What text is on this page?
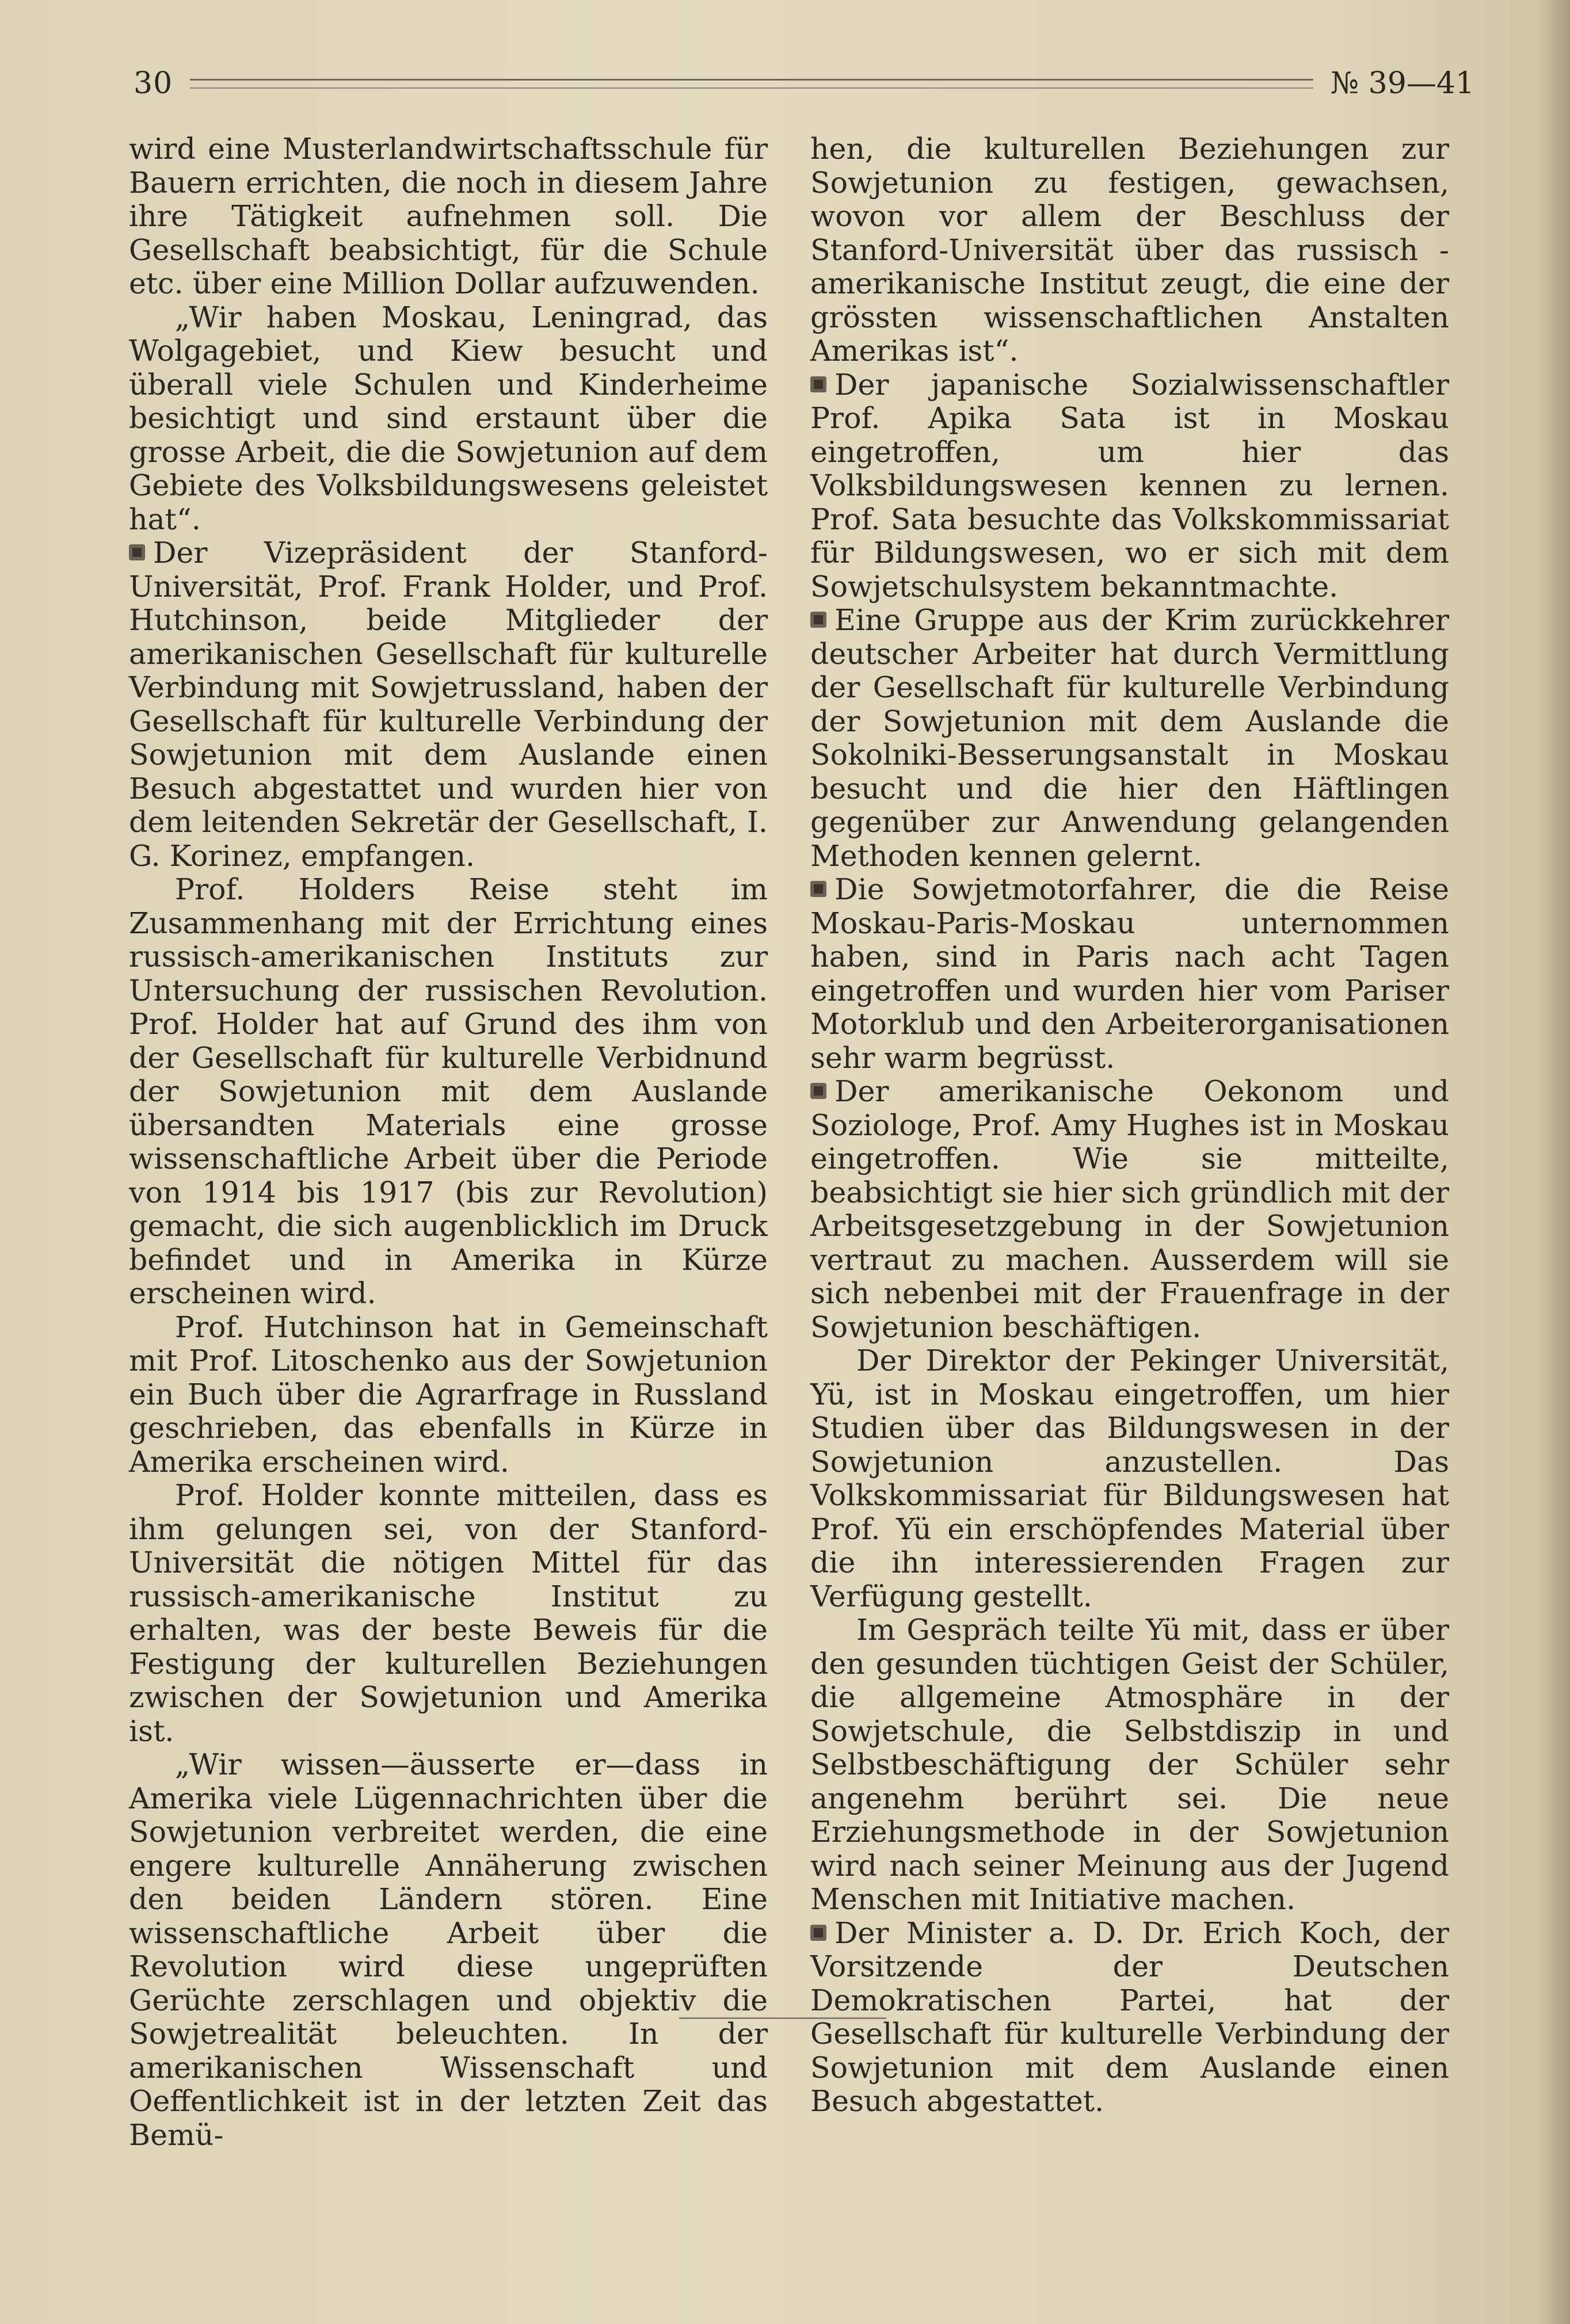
30	№ 39—41

wird eine Musterlandwirtschaftsschule für Bauern errichten, die noch in diesem Jahre ihre Tätigkeit aufnehmen soll. Die Gesellschaft beabsichtigt, für die Schule etc. über eine Million Dollar aufzuwenden.

„Wir haben Moskau, Leningrad, das Wolgagebiet, und Kiew besucht und überall viele Schulen und Kinderheime besichtigt und sind erstaunt über die grosse Arbeit, die die Sowjetunion auf dem Gebiete des Volksbildungswesens geleistet hat“.

Der Vizepräsident der Stanford-Universität, Prof. Frank Holder, und Prof. Hutchinson, beide Mitglieder der amerikanischen Gesellschaft für kulturelle Verbindung mit Sowjetrussland, haben der Gesellschaft für kulturelle Verbindung der Sowjetunion mit dem Auslande einen Besuch abgestattet und wurden hier von dem leitenden Sekretär der Gesellschaft, I. G. Korinez, empfangen.

Prof. Holders Reise steht im Zusammenhang mit der Errichtung eines russisch-amerikanischen Instituts zur Untersuchung der russischen Revolution. Prof. Holder hat auf Grund des ihm von der Gesellschaft für kulturelle Verbidnund der Sowjetunion mit dem Auslande übersandten Materials eine grosse wissenschaftliche Arbeit über die Periode von 1914 bis 1917 (bis zur Revolution) gemacht, die sich augenblicklich im Druck befindet und in Amerika in Kürze erscheinen wird.

Prof. Hutchinson hat in Gemeinschaft mit Prof. Litoschenko aus der Sowjetunion ein Buch über die Agrarfrage in Russland geschrieben, das ebenfalls in Kürze in Amerika erscheinen wird.

Prof. Holder konnte mitteilen, dass es ihm gelungen sei, von der Stanford-Universität die nötigen Mittel für das russisch-amerikanische Institut zu erhalten, was der beste Beweis für die Festigung der kulturellen Beziehungen zwischen der Sowjetunion und Amerika ist.

„Wir wissen—äusserte er—dass in Amerika viele Lügennachrichten über die Sowjetunion verbreitet werden, die eine engere kulturelle Annäherung zwischen den beiden Ländern stören. Eine wissenschaftliche Arbeit über die Revolution wird diese ungeprüften Gerüchte zerschlagen und objektiv die Sowjetrealität beleuchten. In der amerikanischen Wissenschaft und Oeffentlichkeit ist in der letzten Zeit das Bemü-

hen, die kulturellen Beziehungen zur Sowjetunion zu festigen, gewachsen, wovon vor allem der Beschluss der Stanford-Universität über das russisch - amerikanische Institut zeugt, die eine der grössten wissenschaftlichen Anstalten Amerikas ist“.

Der japanische Sozialwissenschaftler Prof. Apika Sata ist in Moskau eingetroffen, um hier das Volksbildungswesen kennen zu lernen. Prof. Sata besuchte das Volkskommissariat für Bildungswesen, wo er sich mit dem Sowjetschulsystem bekanntmachte.

Eine Gruppe aus der Krim zurückkehrer deutscher Arbeiter hat durch Vermittlung der Gesellschaft für kulturelle Verbindung der Sowjetunion mit dem Auslande die Sokolniki-Besserungsanstalt in Moskau besucht und die hier den Häftlingen gegenüber zur Anwendung gelangenden Methoden kennen gelernt.

Die Sowjetmotorfahrer, die die Reise Moskau-Paris-Moskau unternommen haben, sind in Paris nach acht Tagen eingetroffen und wurden hier vom Pariser Motorklub und den Arbeiterorganisationen sehr warm begrüsst.

Der amerikanische Oekonom und Soziologe, Prof. Amy Hughes ist in Moskau eingetroffen. Wie sie mitteilte, beabsichtigt sie hier sich gründlich mit der Arbeitsgesetzgebung in der Sowjetunion vertraut zu machen. Ausserdem will sie sich nebenbei mit der Frauenfrage in der Sowjetunion beschäftigen.

Der Direktor der Pekinger Universität, Yü, ist in Moskau eingetroffen, um hier Studien über das Bildungswesen in der Sowjetunion anzustellen. Das Volkskommissariat für Bildungswesen hat Prof. Yü ein erschöpfendes Material über die ihn interessierenden Fragen zur Verfügung gestellt.

Im Gespräch teilte Yü mit, dass er über den gesunden tüchtigen Geist der Schüler, die allgemeine Atmosphäre in der Sowjetschule, die Selbstdiszip in und Selbstbeschäftigung der Schüler sehr angenehm berührt sei. Die neue Erziehungsmethode in der Sowjetunion wird nach seiner Meinung aus der Jugend Menschen mit Initiative machen.

Der Minister a. D. Dr. Erich Koch, der Vorsitzende der Deutschen Demokratischen Partei, hat der Gesellschaft für kulturelle Verbindung der Sowjetunion mit dem Auslande einen Besuch abgestattet.
